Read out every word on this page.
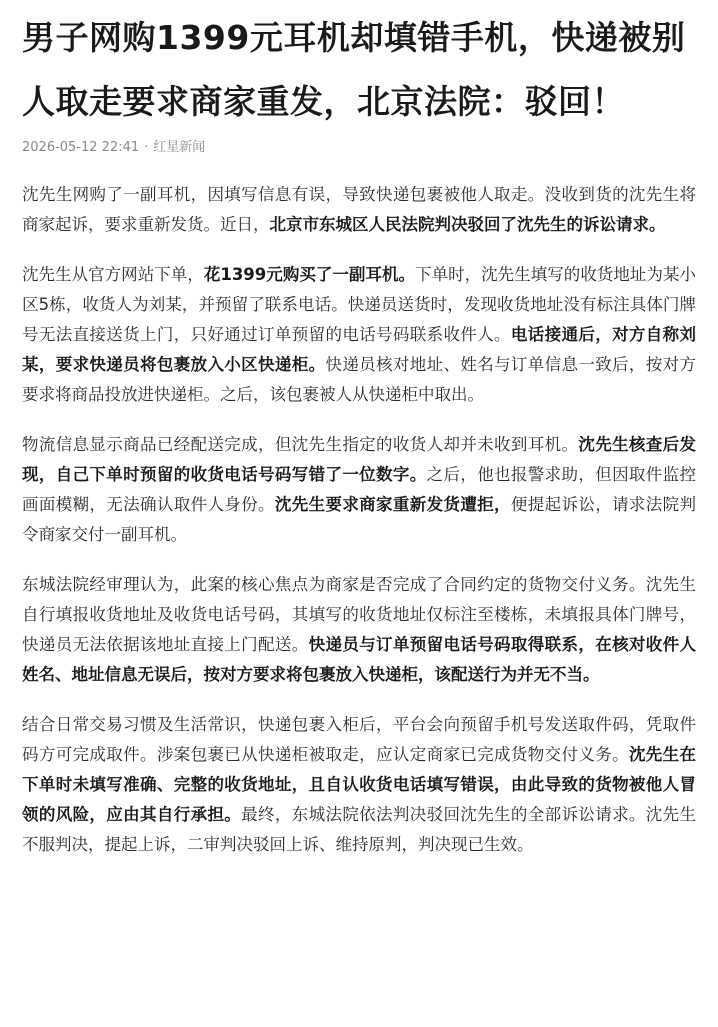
男子网购1399元耳机却填错手机，快递被别人取走要求商家重发，北京法院：驳回！
2026-05-12 22:41 · 红星新闻

沈先生网购了一副耳机，因填写信息有误，导致快递包裹被他人取走。没收到货的沈先生将商家起诉，要求重新发货。近日，北京市东城区人民法院判决驳回了沈先生的诉讼请求。

沈先生从官方网站下单，花1399元购买了一副耳机。下单时，沈先生填写的收货地址为某小区5栋，收货人为刘某，并预留了联系电话。快递员送货时，发现收货地址没有标注具体门牌号无法直接送货上门，只好通过订单预留的电话号码联系收件人。电话接通后，对方自称刘某，要求快递员将包裹放入小区快递柜。快递员核对地址、姓名与订单信息一致后，按对方要求将商品投放进快递柜。之后，该包裹被人从快递柜中取出。

物流信息显示商品已经配送完成，但沈先生指定的收货人却并未收到耳机。沈先生核查后发现，自己下单时预留的收货电话号码写错了一位数字。之后，他也报警求助，但因取件监控画面模糊，无法确认取件人身份。沈先生要求商家重新发货遭拒，便提起诉讼，请求法院判令商家交付一副耳机。

东城法院经审理认为，此案的核心焦点为商家是否完成了合同约定的货物交付义务。沈先生自行填报收货地址及收货电话号码，其填写的收货地址仅标注至楼栋，未填报具体门牌号，快递员无法依据该地址直接上门配送。快递员与订单预留电话号码取得联系，在核对收件人姓名、地址信息无误后，按对方要求将包裹放入快递柜，该配送行为并无不当。

结合日常交易习惯及生活常识，快递包裹入柜后，平台会向预留手机号发送取件码，凭取件码方可完成取件。涉案包裹已从快递柜被取走，应认定商家已完成货物交付义务。沈先生在下单时未填写准确、完整的收货地址，且自认收货电话填写错误，由此导致的货物被他人冒领的风险，应由其自行承担。最终，东城法院依法判决驳回沈先生的全部诉讼请求。沈先生不服判决，提起上诉，二审判决驳回上诉、维持原判，判决现已生效。
